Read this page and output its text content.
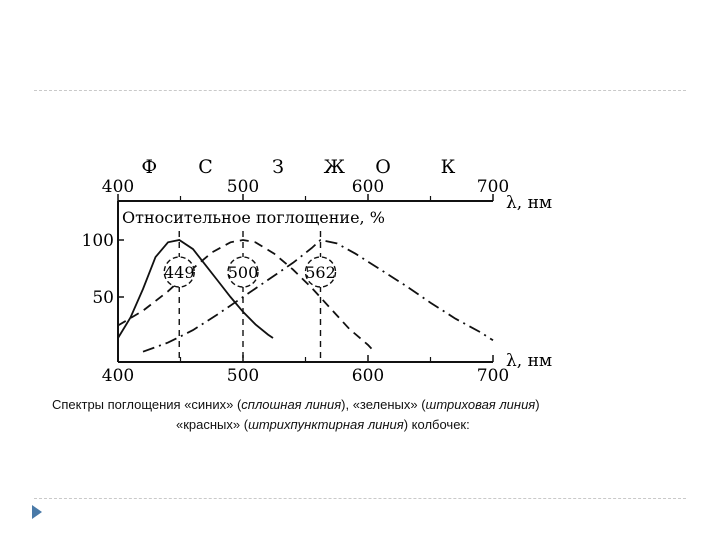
λ, нм
Относительное поглощение, %
λ, нм
400	500	600	700
Ф С	З Ж О	К
400	500	600	700
50
100
449 500	562
Спектры поглощения «синих» (сплошная линия), «зеленых» (штриховая линия)
«красных» (штрихпунктирная линия) колбочек:
